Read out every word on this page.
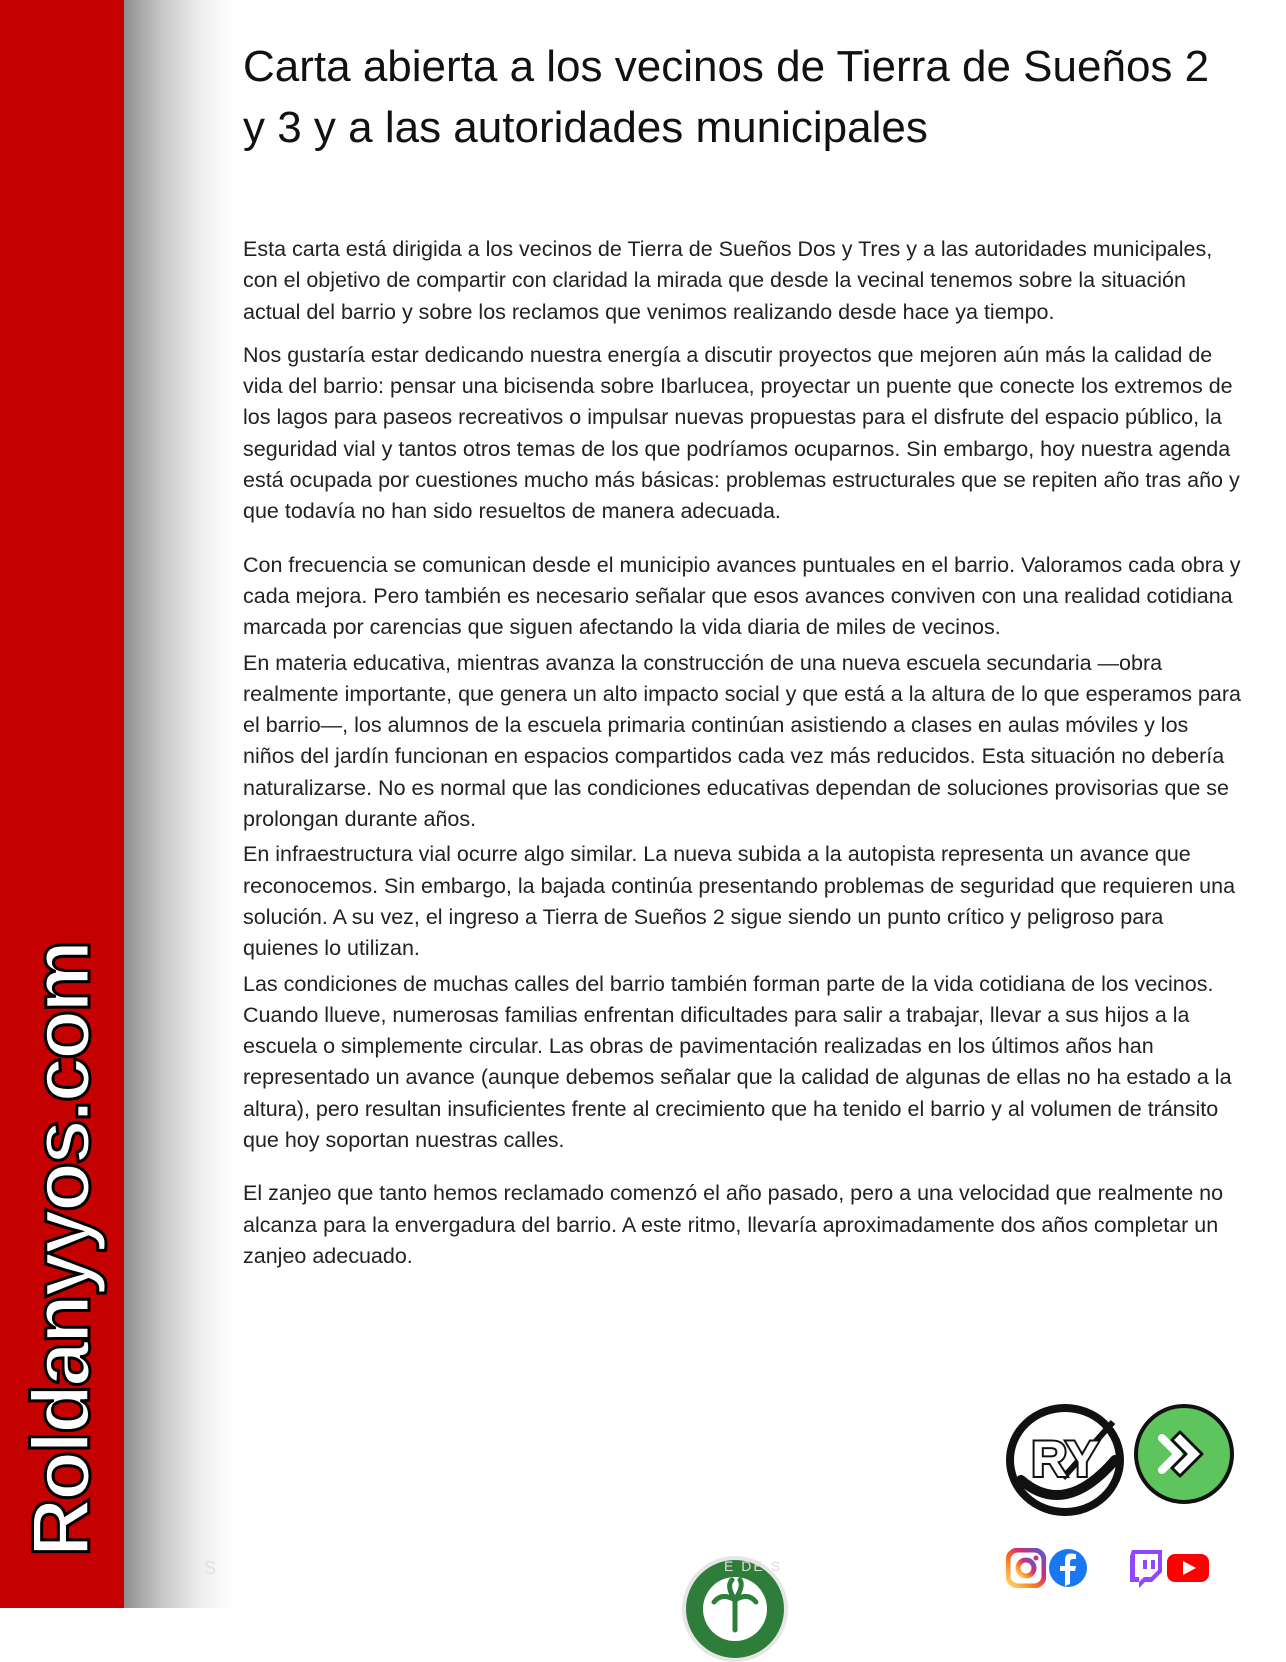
Roldanyyos.com
Carta abierta a los vecinos de Tierra de Sueños 2 y 3 y a las autoridades municipales

Esta carta está dirigida a los vecinos de Tierra de Sueños Dos y Tres y a las autoridades municipales, con el objetivo de compartir con claridad la mirada que desde la vecinal tenemos sobre la situación actual del barrio y sobre los reclamos que venimos realizando desde hace ya tiempo.

Nos gustaría estar dedicando nuestra energía a discutir proyectos que mejoren aún más la calidad de vida del barrio: pensar una bicisenda sobre Ibarlucea, proyectar un puente que conecte los extremos de los lagos para paseos recreativos o impulsar nuevas propuestas para el disfrute del espacio público, la seguridad vial y tantos otros temas de los que podríamos ocuparnos. Sin embargo, hoy nuestra agenda está ocupada por cuestiones mucho más básicas: problemas estructurales que se repiten año tras año y que todavía no han sido resueltos de manera adecuada.

Con frecuencia se comunican desde el municipio avances puntuales en el barrio. Valoramos cada obra y cada mejora. Pero también es necesario señalar que esos avances conviven con una realidad cotidiana marcada por carencias que siguen afectando la vida diaria de miles de vecinos.

En materia educativa, mientras avanza la construcción de una nueva escuela secundaria —obra realmente importante, que genera un alto impacto social y que está a la altura de lo que esperamos para el barrio—, los alumnos de la escuela primaria continúan asistiendo a clases en aulas móviles y los niños del jardín funcionan en espacios compartidos cada vez más reducidos. Esta situación no debería naturalizarse. No es normal que las condiciones educativas dependan de soluciones provisorias que se prolongan durante años.

En infraestructura vial ocurre algo similar. La nueva subida a la autopista representa un avance que reconocemos. Sin embargo, la bajada continúa presentando problemas de seguridad que requieren una solución. A su vez, el ingreso a Tierra de Sueños 2 sigue siendo un punto crítico y peligroso para quienes lo utilizan.

Las condiciones de muchas calles del barrio también forman parte de la vida cotidiana de los vecinos. Cuando llueve, numerosas familias enfrentan dificultades para salir a trabajar, llevar a sus hijos a la escuela o simplemente circular. Las obras de pavimentación realizadas en los últimos años han representado un avance (aunque debemos señalar que la calidad de algunas de ellas no ha estado a la altura), pero resultan insuficientes frente al crecimiento que ha tenido el barrio y al volumen de tránsito que hoy soportan nuestras calles.

El zanjeo que tanto hemos reclamado comenzó el año pasado, pero a una velocidad que realmente no alcanza para la envergadura del barrio. A este ritmo, llevaría aproximadamente dos años completar un zanjeo adecuado.

RY
S	E DE S
